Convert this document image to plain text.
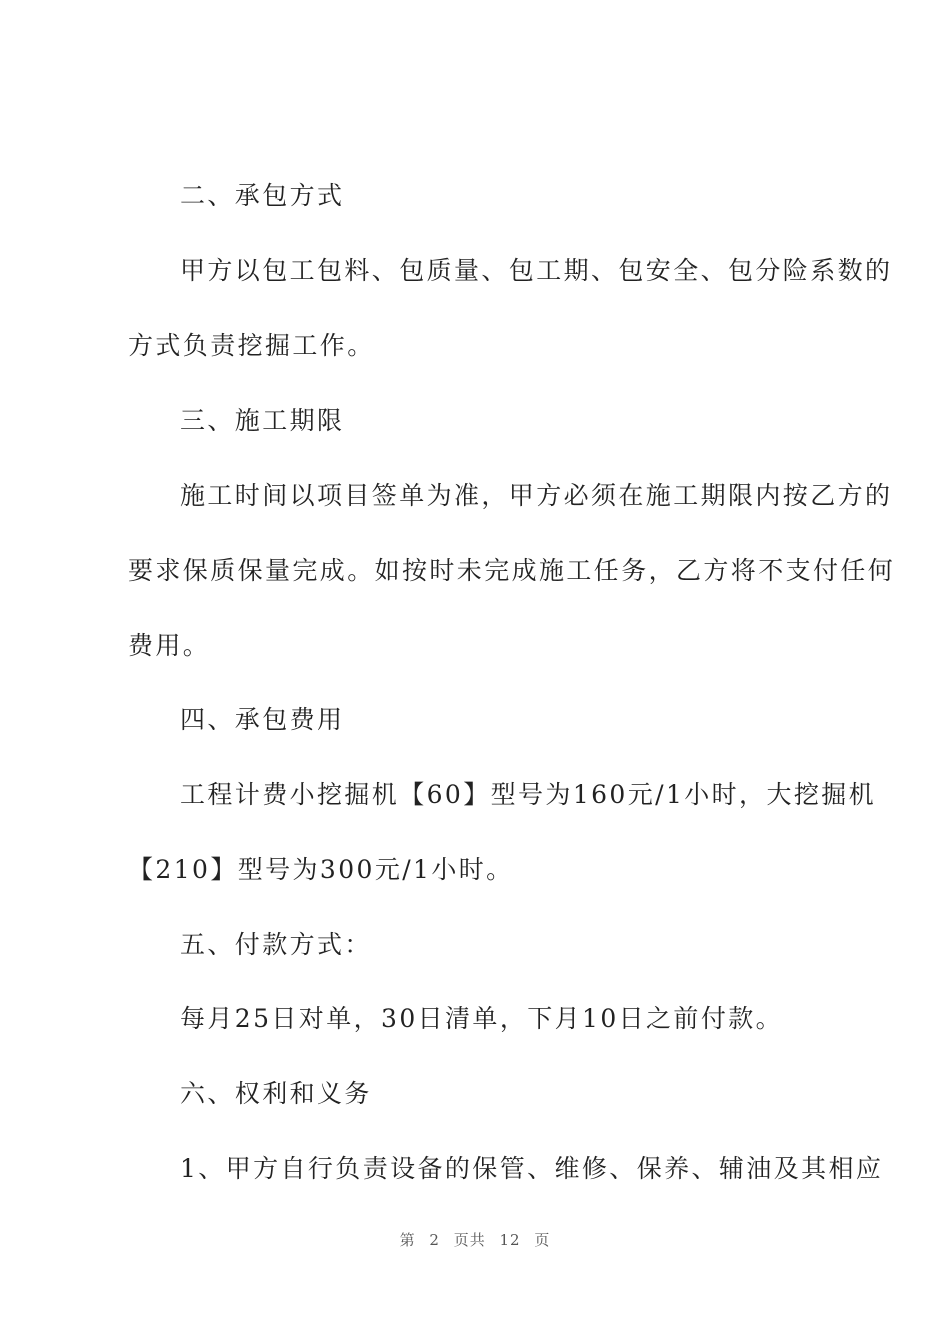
二、承包方式
甲方以包工包料、包质量、包工期、包安全、包分险系数的
方式负责挖掘工作。
三、施工期限
施工时间以项目签单为准，甲方必须在施工期限内按乙方的
要求保质保量完成。如按时未完成施工任务，乙方将不支付任何
费用。
四、承包费用
工程计费小挖掘机【60】型号为160元/1小时，大挖掘机
【210】型号为300元/1小时。
五、付款方式：
每月25日对单，30日清单，下月10日之前付款。
六、权利和义务
1、甲方自行负责设备的保管、维修、保养、辅油及其相应
第 2 页共 12 页
